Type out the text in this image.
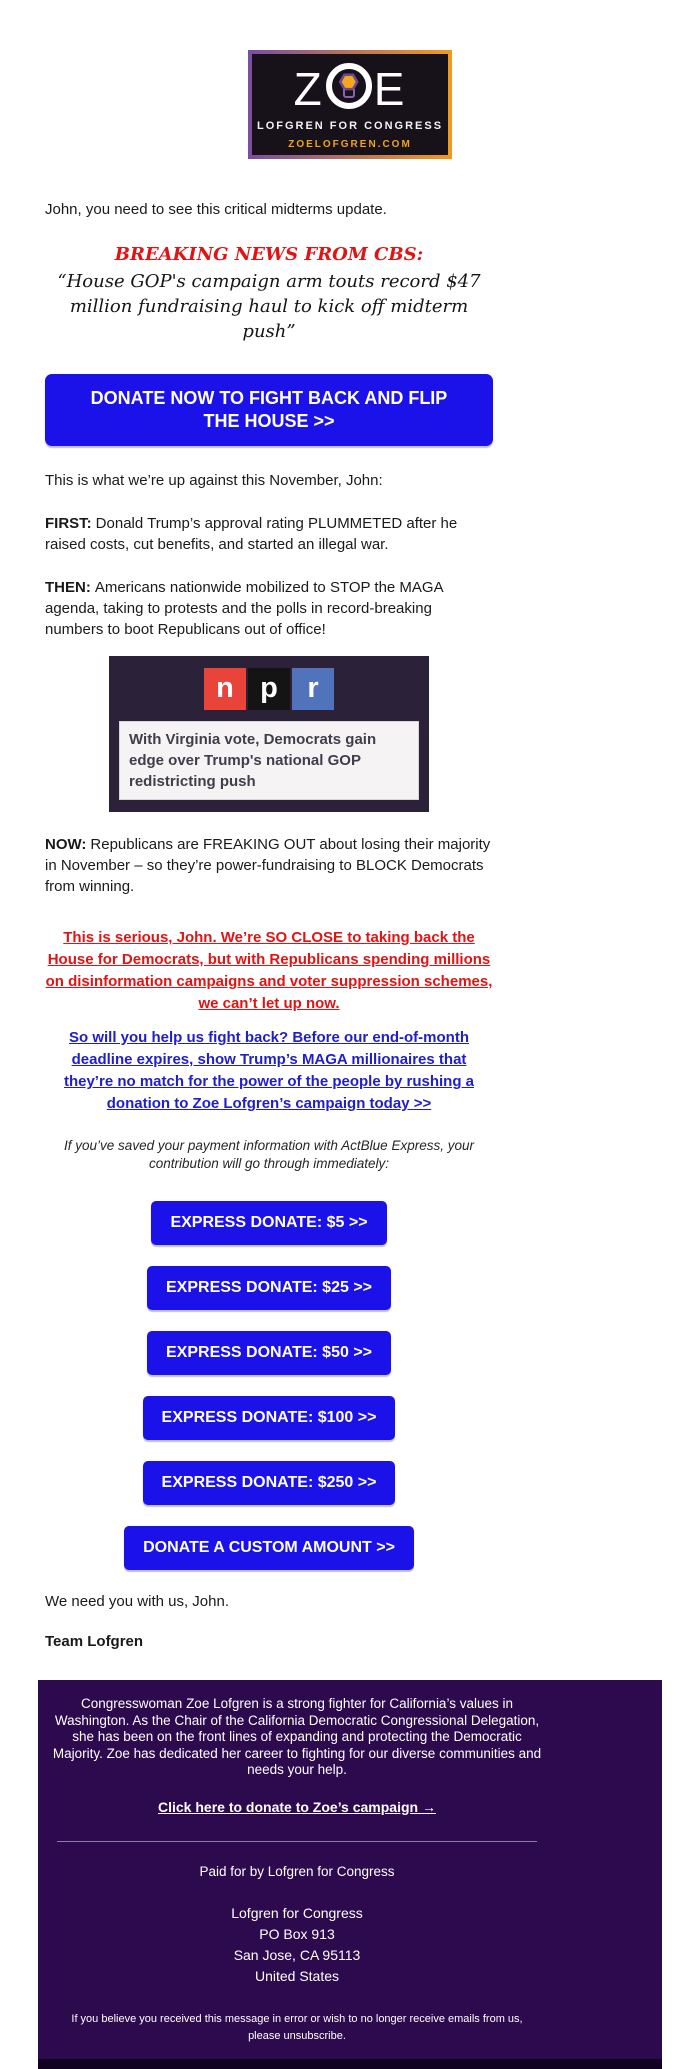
Z E
LOFGREN FOR CONGRESS
ZOELOFGREN.COM
John, you need to see this critical midterms update.
BREAKING NEWS FROM CBS:
“House GOP's campaign arm touts record $47 million fundraising haul to kick off midterm push”
DONATE NOW TO FIGHT BACK AND FLIP THE HOUSE >>
This is what we’re up against this November, John:
FIRST: Donald Trump’s approval rating PLUMMETED after he raised costs, cut benefits, and started an illegal war.
THEN: Americans nationwide mobilized to STOP the MAGA agenda, taking to protests and the polls in record-breaking numbers to boot Republicans out of office!
n p r
With Virginia vote, Democrats gain edge over Trump's national GOP redistricting push
NOW: Republicans are FREAKING OUT about losing their majority in November – so they’re power-fundraising to BLOCK Democrats from winning.
This is serious, John. We’re SO CLOSE to taking back the House for Democrats, but with Republicans spending millions on disinformation campaigns and voter suppression schemes, we can’t let up now.
So will you help us fight back? Before our end-of-month deadline expires, show Trump’s MAGA millionaires that they’re no match for the power of the people by rushing a donation to Zoe Lofgren’s campaign today >>
If you’ve saved your payment information with ActBlue Express, your contribution will go through immediately:
EXPRESS DONATE: $5 >>
EXPRESS DONATE: $25 >>
EXPRESS DONATE: $50 >>
EXPRESS DONATE: $100 >>
EXPRESS DONATE: $250 >>
DONATE A CUSTOM AMOUNT >>
We need you with us, John.
Team Lofgren
Congresswoman Zoe Lofgren is a strong fighter for California’s values in Washington. As the Chair of the California Democratic Congressional Delegation, she has been on the front lines of expanding and protecting the Democratic Majority. Zoe has dedicated her career to fighting for our diverse communities and needs your help.
Click here to donate to Zoe’s campaign →
Paid for by Lofgren for Congress
Lofgren for Congress
PO Box 913
San Jose, CA 95113
United States
If you believe you received this message in error or wish to no longer receive emails from us, please unsubscribe.
